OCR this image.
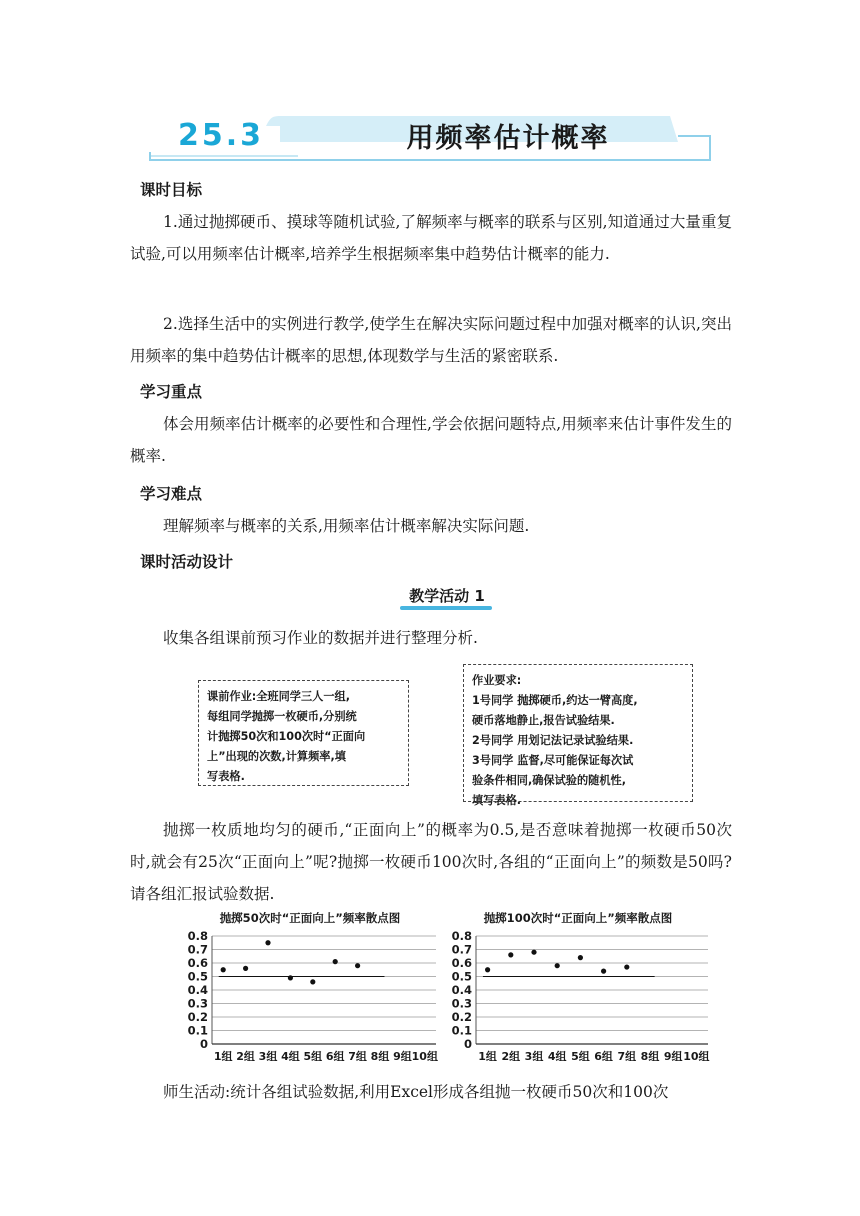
25.3	用频率估计概率
课时目标

1.通过抛掷硬币、摸球等随机试验,了解频率与概率的联系与区别,知道通过大量重复试验,可以用频率估计概率,培养学生根据频率集中趋势估计概率的能力.

2.选择生活中的实例进行教学,使学生在解决实际问题过程中加强对概率的认识,突出用频率的集中趋势估计概率的思想,体现数学与生活的紧密联系.

学习重点

体会用频率估计概率的必要性和合理性,学会依据问题特点,用频率来估计事件发生的概率.

学习难点

理解频率与概率的关系,用频率估计概率解决实际问题.

课时活动设计
教学活动 1

收集各组课前预习作业的数据并进行整理分析.

课前作业:全班同学三人一组,
每组同学抛掷一枚硬币,分别统
计抛掷50次和100次时“正面向
上”出现的次数,计算频率,填
写表格.
作业要求:
1号同学 抛掷硬币,约达一臂高度,
硬币落地静止,报告试验结果.
2号同学 用划记法记录试验结果.
3号同学 监督,尽可能保证每次试
验条件相同,确保试验的随机性,
填写表格.

抛掷一枚质地均匀的硬币,“正面向上”的概率为0.5,是否意味着抛掷一枚硬币50次时,就会有25次“正面向上”呢?抛掷一枚硬币100次时,各组的“正面向上”的频数是50吗?请各组汇报试验数据.

抛掷50次时“正面向上”频率散点图
0
0.1
0.2
0.3
0.4
0.5
0.6
0.7
0.8
1组 2组 3组 4组 5组 6组 7组 8组 9组 10组
抛掷100次时“正面向上”频率散点图
0
0.1
0.2
0.3
0.4
0.5
0.6
0.7
0.8
1组 2组 3组 4组 5组 6组 7组 8组 9组 10组

师生活动:统计各组试验数据,利用Excel形成各组抛一枚硬币50次和100次
